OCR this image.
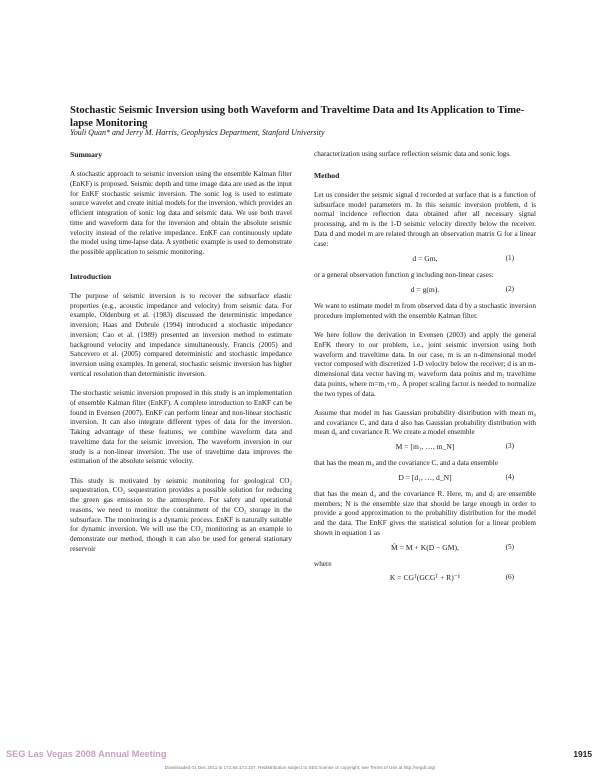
Stochastic Seismic Inversion using both Waveform and Traveltime Data and Its Application to Time-lapse Monitoring
Youli Quan* and Jerry M. Harris, Geophysics Department, Stanford University
Summary

A stochastic approach to seismic inversion using the ensemble Kalman filter (EnKF) is proposed. Seismic depth and time image data are used as the input for EnKF stochastic seismic inversion. The sonic log is used to estimate source wavelet and create initial models for the inversion, which provides an efficient integration of sonic log data and seismic data. We use both travel time and waveform data for the inversion and obtain the absolute seismic velocity instead of the relative impedance. EnKF can continuously update the model using time-lapse data. A synthetic example is used to demonstrate the possible application to seismic monitoring.

Introduction

The purpose of seismic inversion is to recover the subsurface elastic properties (e.g., acoustic impedance and velocity) from seismic data. For example, Oldenburg et al. (1983) discussed the deterministic impedance inversion; Haas and Dubrule (1994) introduced a stochastic impedance inversion; Cao et al. (1989) presented an inversion method to estimate background velocity and impedance simultaneously. Francis (2005) and Sancevero et al. (2005) compared deterministic and stochastic impedance inversion using examples. In general, stochastic seismic inversion has higher vertical resolution than deterministic inversion.

The stochastic seismic inversion proposed in this study is an implementation of ensemble Kalman filter (EnKF). A complete introduction to EnKF can be found in Evensen (2007). EnKF can perform linear and non-linear stochastic inversion. It can also integrate different types of data for the inversion. Taking advantage of these features, we combine waveform data and traveltime data for the seismic inversion. The waveform inversion in our study is a non-linear inversion. The use of traveltime data improves the estimation of the absolute seismic velocity.

This study is motivated by seismic monitoring for geological CO₂ sequestration. CO₂ sequestration provides a possible solution for reducing the green gas emission to the atmosphere. For safety and operational reasons, we need to monitor the containment of the CO₂ storage in the subsurface. The monitoring is a dynamic process. EnKF is naturally suitable for dynamic inversion. We will use the CO₂ monitoring as an example to demonstrate our method, though it can also be used for general stationary reservoir

characterization using surface reflection seismic data and sonic logs.

Method

Let us consider the seismic signal d recorded at surface that is a function of subsurface model parameters m. In this seismic inversion problem, d is normal incidence reflection data obtained after all necessary signal processing, and m is the 1-D seismic velocity directly below the receiver. Data d and model m are related through an observation matrix G for a linear case:

d = Gm,	(1)

or a general observation function g including non-linear cases:

d = g(m).	(2)

We want to estimate model m from observed data d by a stochastic inversion procedure implemented with the ensemble Kalman filter.

We here follow the derivation in Evensen (2003) and apply the general EnFK theory to our problem, i.e., joint seismic inversion using both waveform and traveltime data. In our case, m is an n-dimensional model vector composed with discretized 1-D velocity below the receiver; d is an m-dimensional data vector having m₁ waveform data points and m₂ traveltime data points, where m=m₁+m₂. A proper scaling factor is needed to normalize the two types of data.

Assume that model m has Gaussian probability distribution with mean m₀ and covariance C, and data d also has Gaussian probability distribution with mean d₀ and covariance R. We create a model ensemble

M = [m₁, …, m_N]	(3)

that has the mean m₀ and the covariance C, and a data ensemble

D = [d₁, …, d_N]	(4)

that has the mean d₀ and the covariance R. Here, mⱼ and dⱼ are ensemble members; N is the ensemble size that should be large enough in order to provide a good approximation to the probability distribution for the model and the data. The EnKF gives the statistical solution for a linear problem shown in equation 1 as

M̂ = M + K(D − GM),	(5)

where

K = CGᵀ(GCGᵀ + R)⁻¹	(6)
SEG Las Vegas 2008 Annual Meeting	1915
Downloaded 01 Dec 2011 to 171.64.173.107. Redistribution subject to SEG license or copyright; see Terms of Use at http://segdl.org/
